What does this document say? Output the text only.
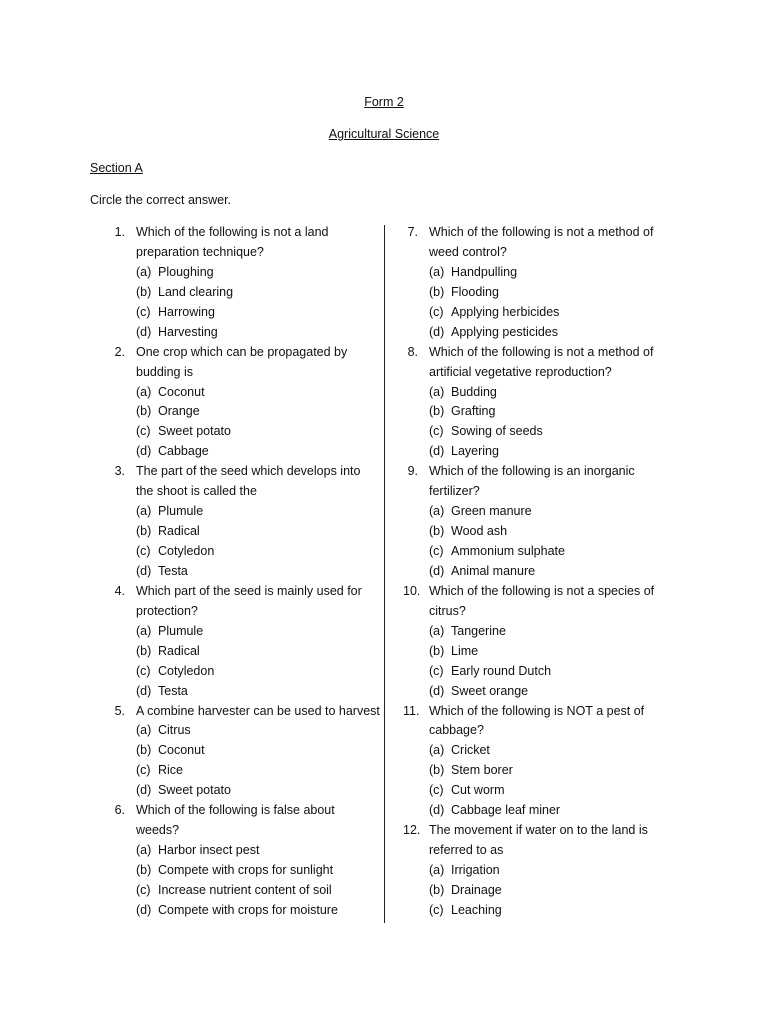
Form 2
Agricultural Science
Section A
Circle the correct answer.
1. Which of the following is not a land
preparation technique?
(a) Ploughing
(b) Land clearing
(c) Harrowing
(d) Harvesting
2. One crop which can be propagated by
budding is
(a) Coconut
(b) Orange
(c) Sweet potato
(d) Cabbage
3. The part of the seed which develops into
the shoot is called the
(a) Plumule
(b) Radical
(c) Cotyledon
(d) Testa
4. Which part of the seed is mainly used for
protection?
(a) Plumule
(b) Radical
(c) Cotyledon
(d) Testa
5. A combine harvester can be used to harvest
(a) Citrus
(b) Coconut
(c) Rice
(d) Sweet potato
6. Which of the following is false about
weeds?
(a) Harbor insect pest
(b) Compete with crops for sunlight
(c) Increase nutrient content of soil
(d) Compete with crops for moisture
7. Which of the following is not a method of
weed control?
(a) Handpulling
(b) Flooding
(c) Applying herbicides
(d) Applying pesticides
8. Which of the following is not a method of
artificial vegetative reproduction?
(a) Budding
(b) Grafting
(c) Sowing of seeds
(d) Layering
9. Which of the following is an inorganic
fertilizer?
(a) Green manure
(b) Wood ash
(c) Ammonium sulphate
(d) Animal manure
10. Which of the following is not a species of
citrus?
(a) Tangerine
(b) Lime
(c) Early round Dutch
(d) Sweet orange
11. Which of the following is NOT a pest of
cabbage?
(a) Cricket
(b) Stem borer
(c) Cut worm
(d) Cabbage leaf miner
12. The movement if water on to the land is
referred to as
(a) Irrigation
(b) Drainage
(c) Leaching
